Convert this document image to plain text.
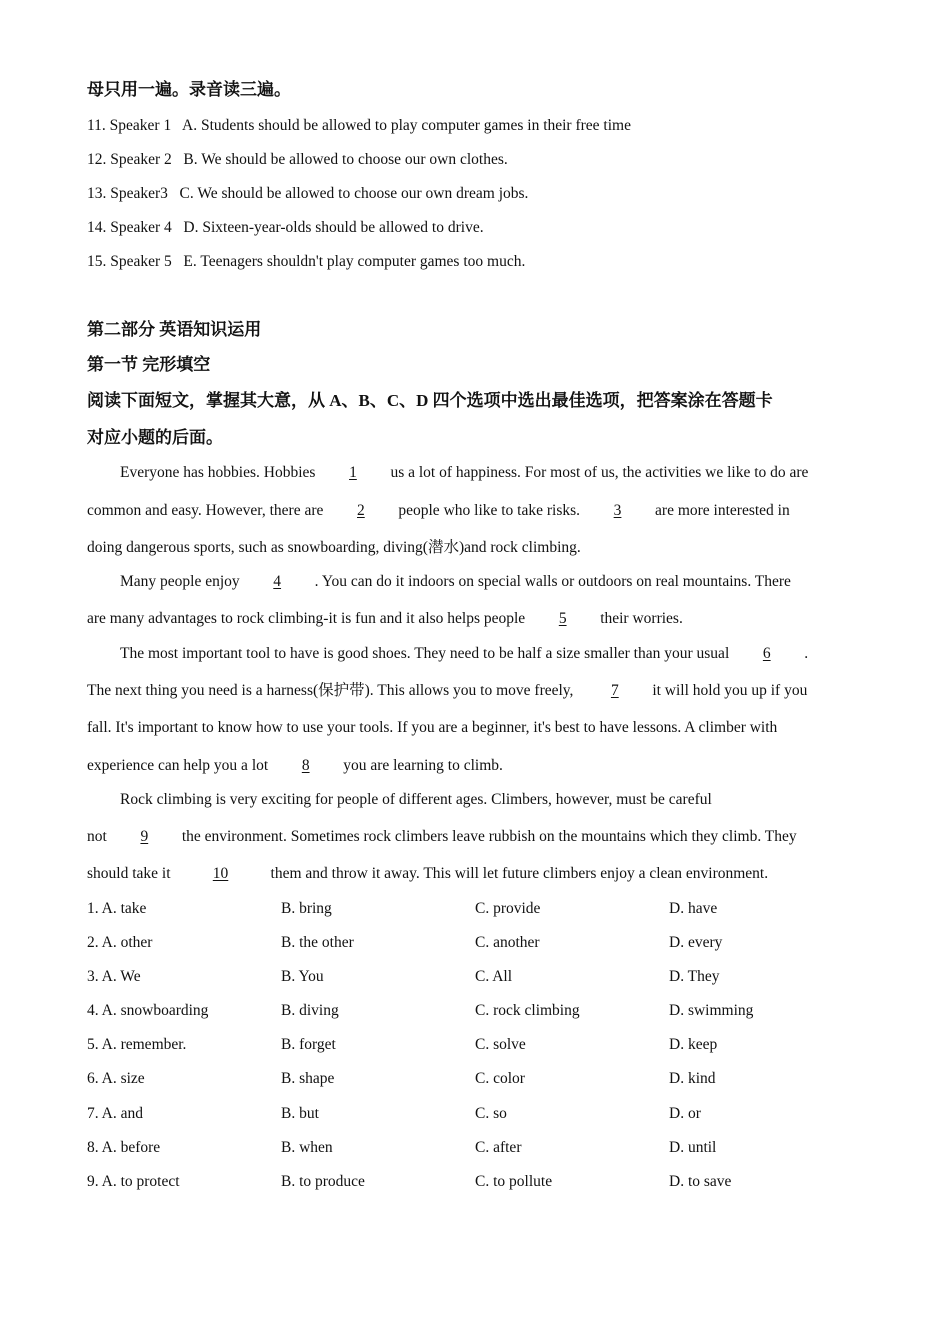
母只用一遍。录音读三遍。
11. Speaker 1 A. Students should be allowed to play computer games in their free time
12. Speaker 2 B. We should be allowed to choose our own clothes.
13. Speaker3 C. We should be allowed to choose our own dream jobs.
14. Speaker 4 D. Sixteen-year-olds should be allowed to drive.
15. Speaker 5 E. Teenagers shouldn't play computer games too much.
第二部分 英语知识运用
第一节 完形填空
阅读下面短文，掌握其大意，从 A、B、C、D 四个选项中选出最佳选项，把答案涂在答题卡
对应小题的后面。
Everyone has hobbies. Hobbies 1 us a lot of happiness. For most of us, the activities we like to do are
common and easy. However, there are 2 people who like to take risks. 3 are more interested in
doing dangerous sports, such as snowboarding, diving(潜水)and rock climbing.
Many people enjoy 4 . You can do it indoors on special walls or outdoors on real mountains. There
are many advantages to rock climbing-it is fun and it also helps people 5 their worries.
The most important tool to have is good shoes. They need to be half a size smaller than your usual 6 .
The next thing you need is a harness(保护带). This allows you to move freely, 7 it will hold you up if you
fall. It's important to know how to use your tools. If you are a beginner, it's best to have lessons. A climber with
experience can help you a lot 8 you are learning to climb.
Rock climbing is very exciting for people of different ages. Climbers, however, must be careful
not 9 the environment. Sometimes rock climbers leave rubbish on the mountains which they climb. They
should take it	10	them and throw it away. This will let future climbers enjoy a clean environment.
1. A. take	B. bring	C. provide	D. have
2. A. other	B. the other	C. another	D. every
3. A. We	B. You	C. All	D. They
4. A. snowboarding	B. diving	C. rock climbing	D. swimming
5. A. remember.	B. forget	C. solve	D. keep
6. A. size	B. shape	C. color	D. kind
7. A. and	B. but	C. so	D. or
8. A. before	B. when	C. after	D. until
9. A. to protect	B. to produce	C. to pollute	D. to save
